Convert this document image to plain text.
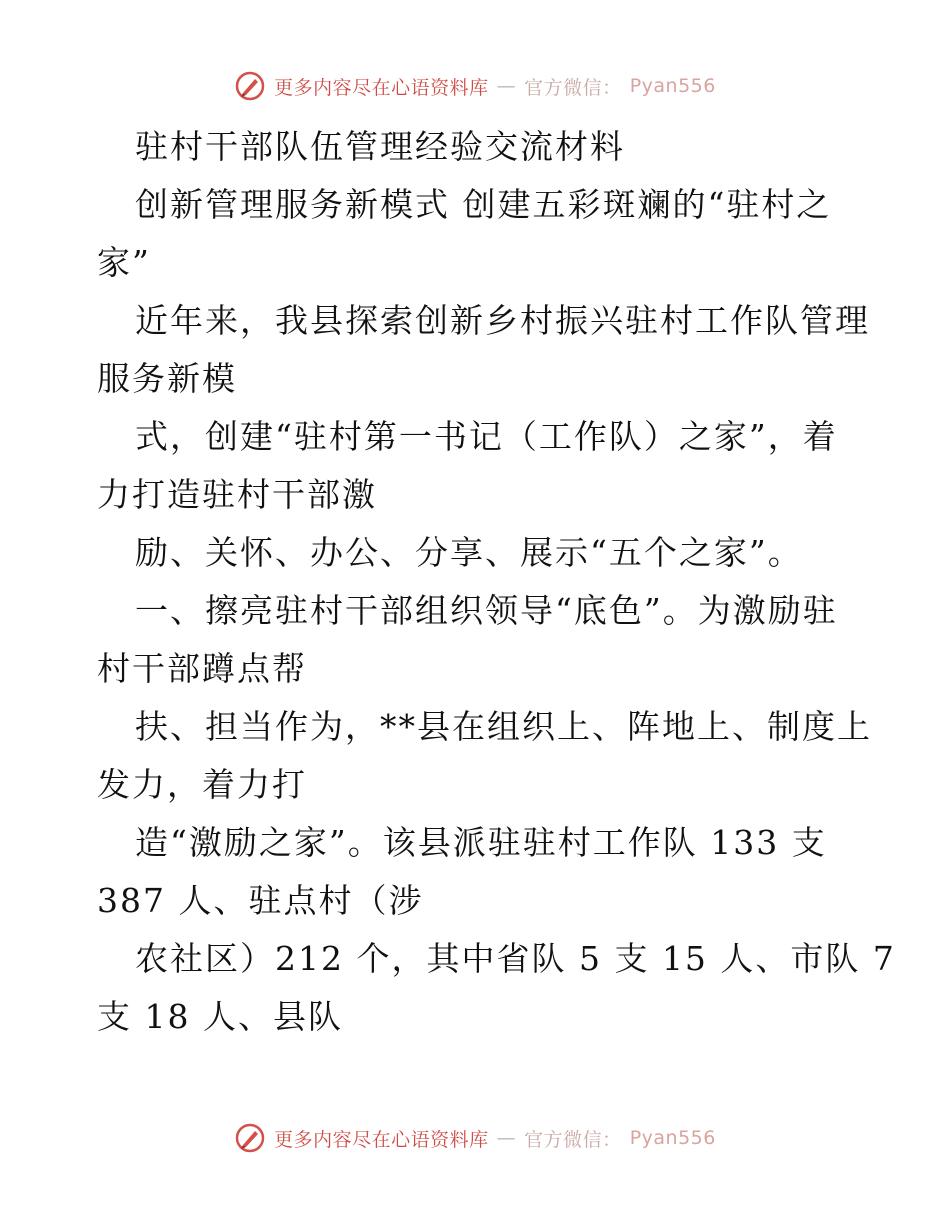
更多内容尽在心语资料库 — 官方微信： Pyan556

驻村干部队伍管理经验交流材料

创新管理服务新模式 创建五彩斑斓的“驻村之

家”

近年来，我县探索创新乡村振兴驻村工作队管理

服务新模

式，创建“驻村第一书记（工作队）之家”，着

力打造驻村干部激

励、关怀、办公、分享、展示“五个之家”。

一、擦亮驻村干部组织领导“底色”。为激励驻

村干部蹲点帮

扶、担当作为，**县在组织上、阵地上、制度上

发力，着力打

造“激励之家”。该县派驻驻村工作队 133 支

387 人、驻点村（涉

农社区）212 个，其中省队 5 支 15 人、市队 7

支 18 人、县队

更多内容尽在心语资料库 — 官方微信： Pyan556
